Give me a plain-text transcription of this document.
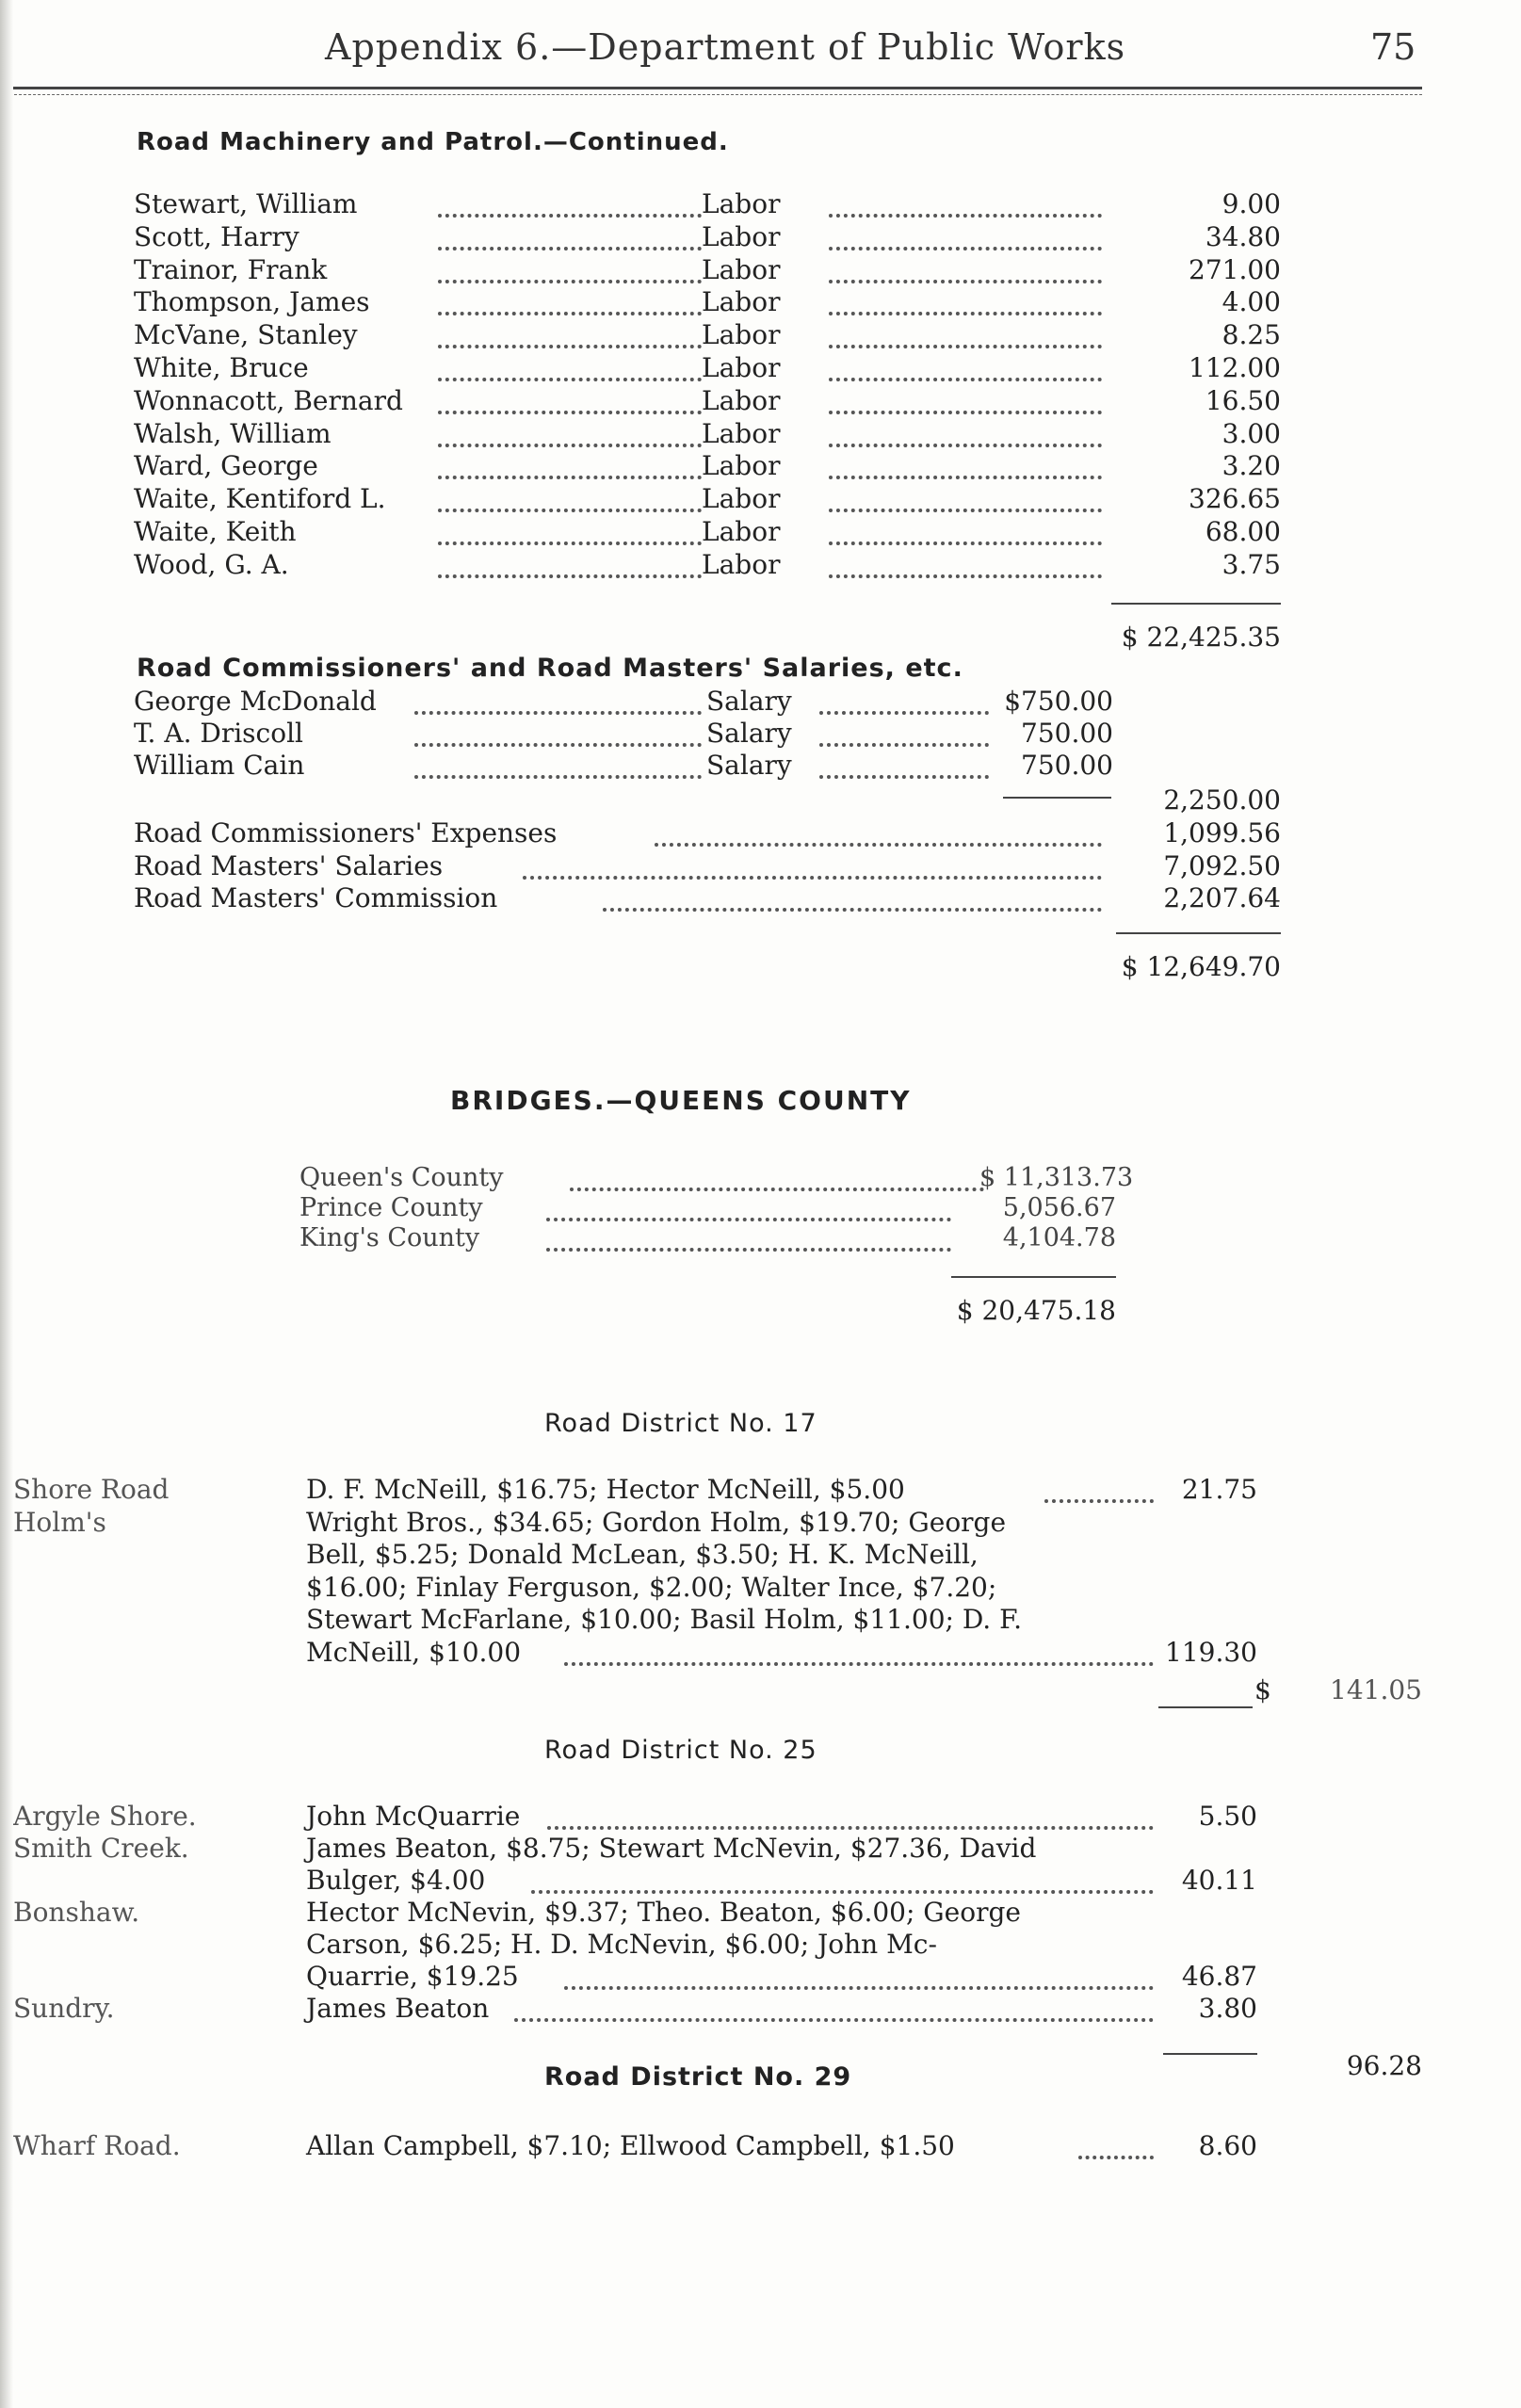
Appendix 6.—Department of Public Works	75
Road Machinery and Patrol.—Continued.
Stewart, William	Labor	9.00
Scott, Harry	Labor	34.80
Trainor, Frank	Labor	271.00
Thompson, James	Labor	4.00
McVane, Stanley	Labor	8.25
White, Bruce	Labor	112.00
Wonnacott, Bernard	Labor	16.50
Walsh, William	Labor	3.00
Ward, George	Labor	3.20
Waite, Kentiford L.	Labor	326.65
Waite, Keith	Labor	68.00
Wood, G. A.	Labor	3.75
$ 22,425.35
Road Commissioners' and Road Masters' Salaries, etc.
George McDonald	Salary	$750.00
T. A. Driscoll	Salary	750.00
William Cain	Salary	750.00
2,250.00
Road Commissioners' Expenses	1,099.56
Road Masters' Salaries	7,092.50
Road Masters' Commission	2,207.64
$ 12,649.70
BRIDGES.—QUEENS COUNTY
Queen's County	$ 11,313.73
Prince County	5,056.67
King's County	4,104.78
$ 20,475.18
Road District No. 17
Shore Road	D. F. McNeill, $16.75; Hector McNeill, $5.00	21.75
Holm's	Wright Bros., $34.65; Gordon Holm, $19.70; George
Bell, $5.25; Donald McLean, $3.50; H. K. McNeill,
$16.00; Finlay Ferguson, $2.00; Walter Ince, $7.20;
Stewart McFarlane, $10.00; Basil Holm, $11.00; D. F.
McNeill, $10.00	119.30
$	141.05
Road District No. 25
Argyle Shore.	John McQuarrie	5.50
Smith Creek.	James Beaton, $8.75; Stewart McNevin, $27.36, David
Bulger, $4.00	40.11
Bonshaw.	Hector McNevin, $9.37; Theo. Beaton, $6.00; George
Carson, $6.25; H. D. McNevin, $6.00; John Mc-
Quarrie, $19.25	46.87
Sundry.	James Beaton	3.80
96.28
Road District No. 29
Wharf Road.	Allan Campbell, $7.10; Ellwood Campbell, $1.50	8.60
